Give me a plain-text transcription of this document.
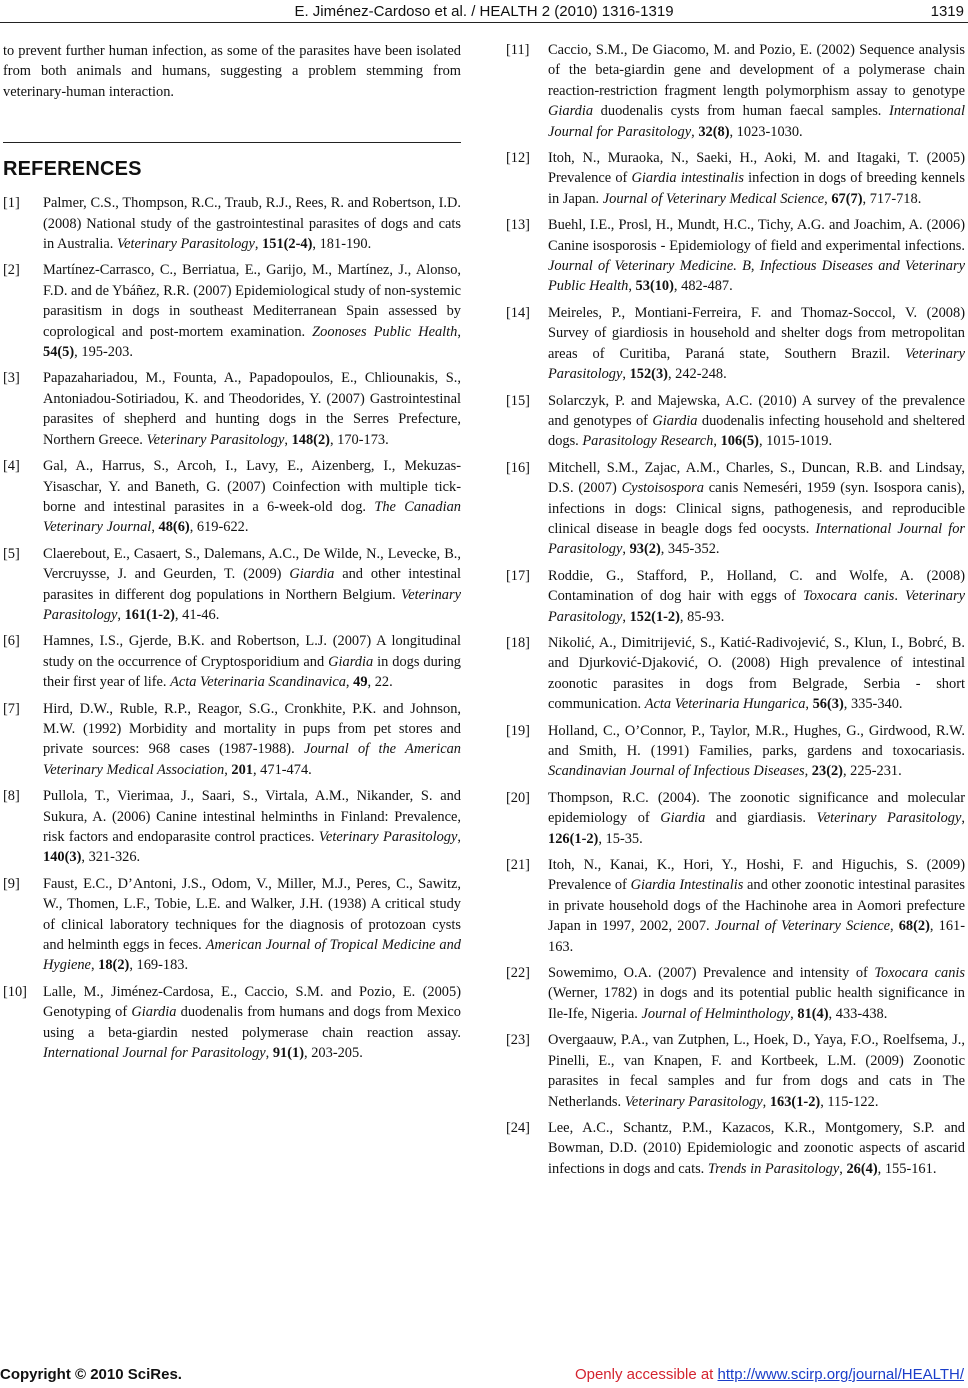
E. Jiménez-Cardoso et al. / HEALTH 2 (2010) 1316-1319	1319

to prevent further human infection, as some of the parasites have been isolated from both animals and humans, suggesting a problem stemming from veterinary-human interaction.

REFERENCES
[1] Palmer, C.S., Thompson, R.C., Traub, R.J., Rees, R. and Robertson, I.D. (2008) National study of the gastrointestinal parasites of dogs and cats in Australia. Veterinary Parasitology, 151(2-4), 181-190.
[2] Martínez-Carrasco, C., Berriatua, E., Garijo, M., Martínez, J., Alonso, F.D. and de Ybáñez, R.R. (2007) Epidemiological study of non-systemic parasitism in dogs in southeast Mediterranean Spain assessed by coprological and post-mortem examination. Zoonoses Public Health, 54(5), 195-203.
[3] Papazahariadou, M., Founta, A., Papadopoulos, E., Chliounakis, S., Antoniadou-Sotiriadou, K. and Theodorides, Y. (2007) Gastrointestinal parasites of shepherd and hunting dogs in the Serres Prefecture, Northern Greece. Veterinary Parasitology, 148(2), 170-173.
[4] Gal, A., Harrus, S., Arcoh, I., Lavy, E., Aizenberg, I., Mekuzas-Yisaschar, Y. and Baneth, G. (2007) Coinfection with multiple tick-borne and intestinal parasites in a 6-week-old dog. The Canadian Veterinary Journal, 48(6), 619-622.
[5] Claerebout, E., Casaert, S., Dalemans, A.C., De Wilde, N., Levecke, B., Vercruysse, J. and Geurden, T. (2009) Giardia and other intestinal parasites in different dog populations in Northern Belgium. Veterinary Parasitology, 161(1-2), 41-46.
[6] Hamnes, I.S., Gjerde, B.K. and Robertson, L.J. (2007) A longitudinal study on the occurrence of Cryptosporidium and Giardia in dogs during their first year of life. Acta Veterinaria Scandinavica, 49, 22.
[7] Hird, D.W., Ruble, R.P., Reagor, S.G., Cronkhite, P.K. and Johnson, M.W. (1992) Morbidity and mortality in pups from pet stores and private sources: 968 cases (1987-1988). Journal of the American Veterinary Medical Association, 201, 471-474.
[8] Pullola, T., Vierimaa, J., Saari, S., Virtala, A.M., Nikander, S. and Sukura, A. (2006) Canine intestinal helminths in Finland: Prevalence, risk factors and endoparasite control practices. Veterinary Parasitology, 140(3), 321-326.
[9] Faust, E.C., D’Antoni, J.S., Odom, V., Miller, M.J., Peres, C., Sawitz, W., Thomen, L.F., Tobie, L.E. and Walker, J.H. (1938) A critical study of clinical laboratory techniques for the diagnosis of protozoan cysts and helminth eggs in feces. American Journal of Tropical Medicine and Hygiene, 18(2), 169-183.
[10] Lalle, M., Jiménez-Cardosa, E., Caccio, S.M. and Pozio, E. (2005) Genotyping of Giardia duodenalis from humans and dogs from Mexico using a beta-giardin nested polymerase chain reaction assay. International Journal for Parasitology, 91(1), 203-205.
[11] Caccio, S.M., De Giacomo, M. and Pozio, E. (2002) Sequence analysis of the beta-giardin gene and development of a polymerase chain reaction-restriction fragment length polymorphism assay to genotype Giardia duodenalis cysts from human faecal samples. International Journal for Parasitology, 32(8), 1023-1030.
[12] Itoh, N., Muraoka, N., Saeki, H., Aoki, M. and Itagaki, T. (2005) Prevalence of Giardia intestinalis infection in dogs of breeding kennels in Japan. Journal of Veterinary Medical Science, 67(7), 717-718.
[13] Buehl, I.E., Prosl, H., Mundt, H.C., Tichy, A.G. and Joachim, A. (2006) Canine isosporosis - Epidemiology of field and experimental infections. Journal of Veterinary Medicine. B, Infectious Diseases and Veterinary Public Health, 53(10), 482-487.
[14] Meireles, P., Montiani-Ferreira, F. and Thomaz-Soccol, V. (2008) Survey of giardiosis in household and shelter dogs from metropolitan areas of Curitiba, Paraná state, Southern Brazil. Veterinary Parasitology, 152(3), 242-248.
[15] Solarczyk, P. and Majewska, A.C. (2010) A survey of the prevalence and genotypes of Giardia duodenalis infecting household and sheltered dogs. Parasitology Research, 106(5), 1015-1019.
[16] Mitchell, S.M., Zajac, A.M., Charles, S., Duncan, R.B. and Lindsay, D.S. (2007) Cystoisospora canis Nemeséri, 1959 (syn. Isospora canis), infections in dogs: Clinical signs, pathogenesis, and reproducible clinical disease in beagle dogs fed oocysts. International Journal for Parasitology, 93(2), 345-352.
[17] Roddie, G., Stafford, P., Holland, C. and Wolfe, A. (2008) Contamination of dog hair with eggs of Toxocara canis. Veterinary Parasitology, 152(1-2), 85-93.
[18] Nikolić, A., Dimitrijević, S., Katić-Radivojević, S., Klun, I., Bobrć, B. and Djurković-Djaković, O. (2008) High prevalence of intestinal zoonotic parasites in dogs from Belgrade, Serbia - short communication. Acta Veterinaria Hungarica, 56(3), 335-340.
[19] Holland, C., O’Connor, P., Taylor, M.R., Hughes, G., Girdwood, R.W. and Smith, H. (1991) Families, parks, gardens and toxocariasis. Scandinavian Journal of Infectious Diseases, 23(2), 225-231.
[20] Thompson, R.C. (2004). The zoonotic significance and molecular epidemiology of Giardia and giardiasis. Veterinary Parasitology, 126(1-2), 15-35.
[21] Itoh, N., Kanai, K., Hori, Y., Hoshi, F. and Higuchis, S. (2009) Prevalence of Giardia Intestinalis and other zoonotic intestinal parasites in private household dogs of the Hachinohe area in Aomori prefecture Japan in 1997, 2002, 2007. Journal of Veterinary Science, 68(2), 161-163.
[22] Sowemimo, O.A. (2007) Prevalence and intensity of Toxocara canis (Werner, 1782) in dogs and its potential public health significance in Ile-Ife, Nigeria. Journal of Helminthology, 81(4), 433-438.
[23] Overgaauw, P.A., van Zutphen, L., Hoek, D., Yaya, F.O., Roelfsema, J., Pinelli, E., van Knapen, F. and Kortbeek, L.M. (2009) Zoonotic parasites in fecal samples and fur from dogs and cats in The Netherlands. Veterinary Parasitology, 163(1-2), 115-122.
[24] Lee, A.C., Schantz, P.M., Kazacos, K.R., Montgomery, S.P. and Bowman, D.D. (2010) Epidemiologic and zoonotic aspects of ascarid infections in dogs and cats. Trends in Parasitology, 26(4), 155-161.
Copyright © 2010 SciRes.	Openly accessible at http://www.scirp.org/journal/HEALTH/
